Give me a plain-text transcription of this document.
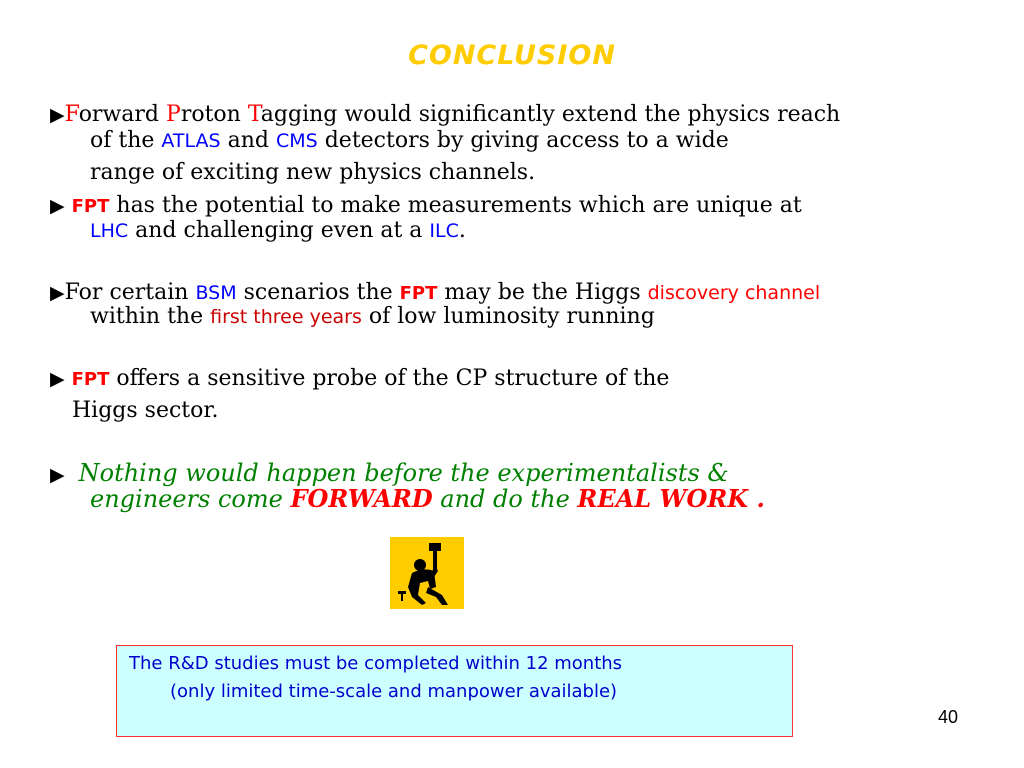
CONCLUSION
▶Forward Proton Tagging would significantly extend the physics reach
of the ATLAS and CMS detectors by giving access to a wide
range of exciting new physics channels.
▶ FPT has the potential to make measurements which are unique at
LHC and challenging even at a ILC.
▶For certain BSM scenarios the FPT may be the Higgs discovery channel
within the first three years of low luminosity running
▶ FPT offers a sensitive probe of the CP structure of the
Higgs sector.
▶ Nothing would happen before the experimentalists &
engineers come FORWARD and do the REAL WORK .
The R&D studies must be completed within 12 months
(only limited time-scale and manpower available)
40
